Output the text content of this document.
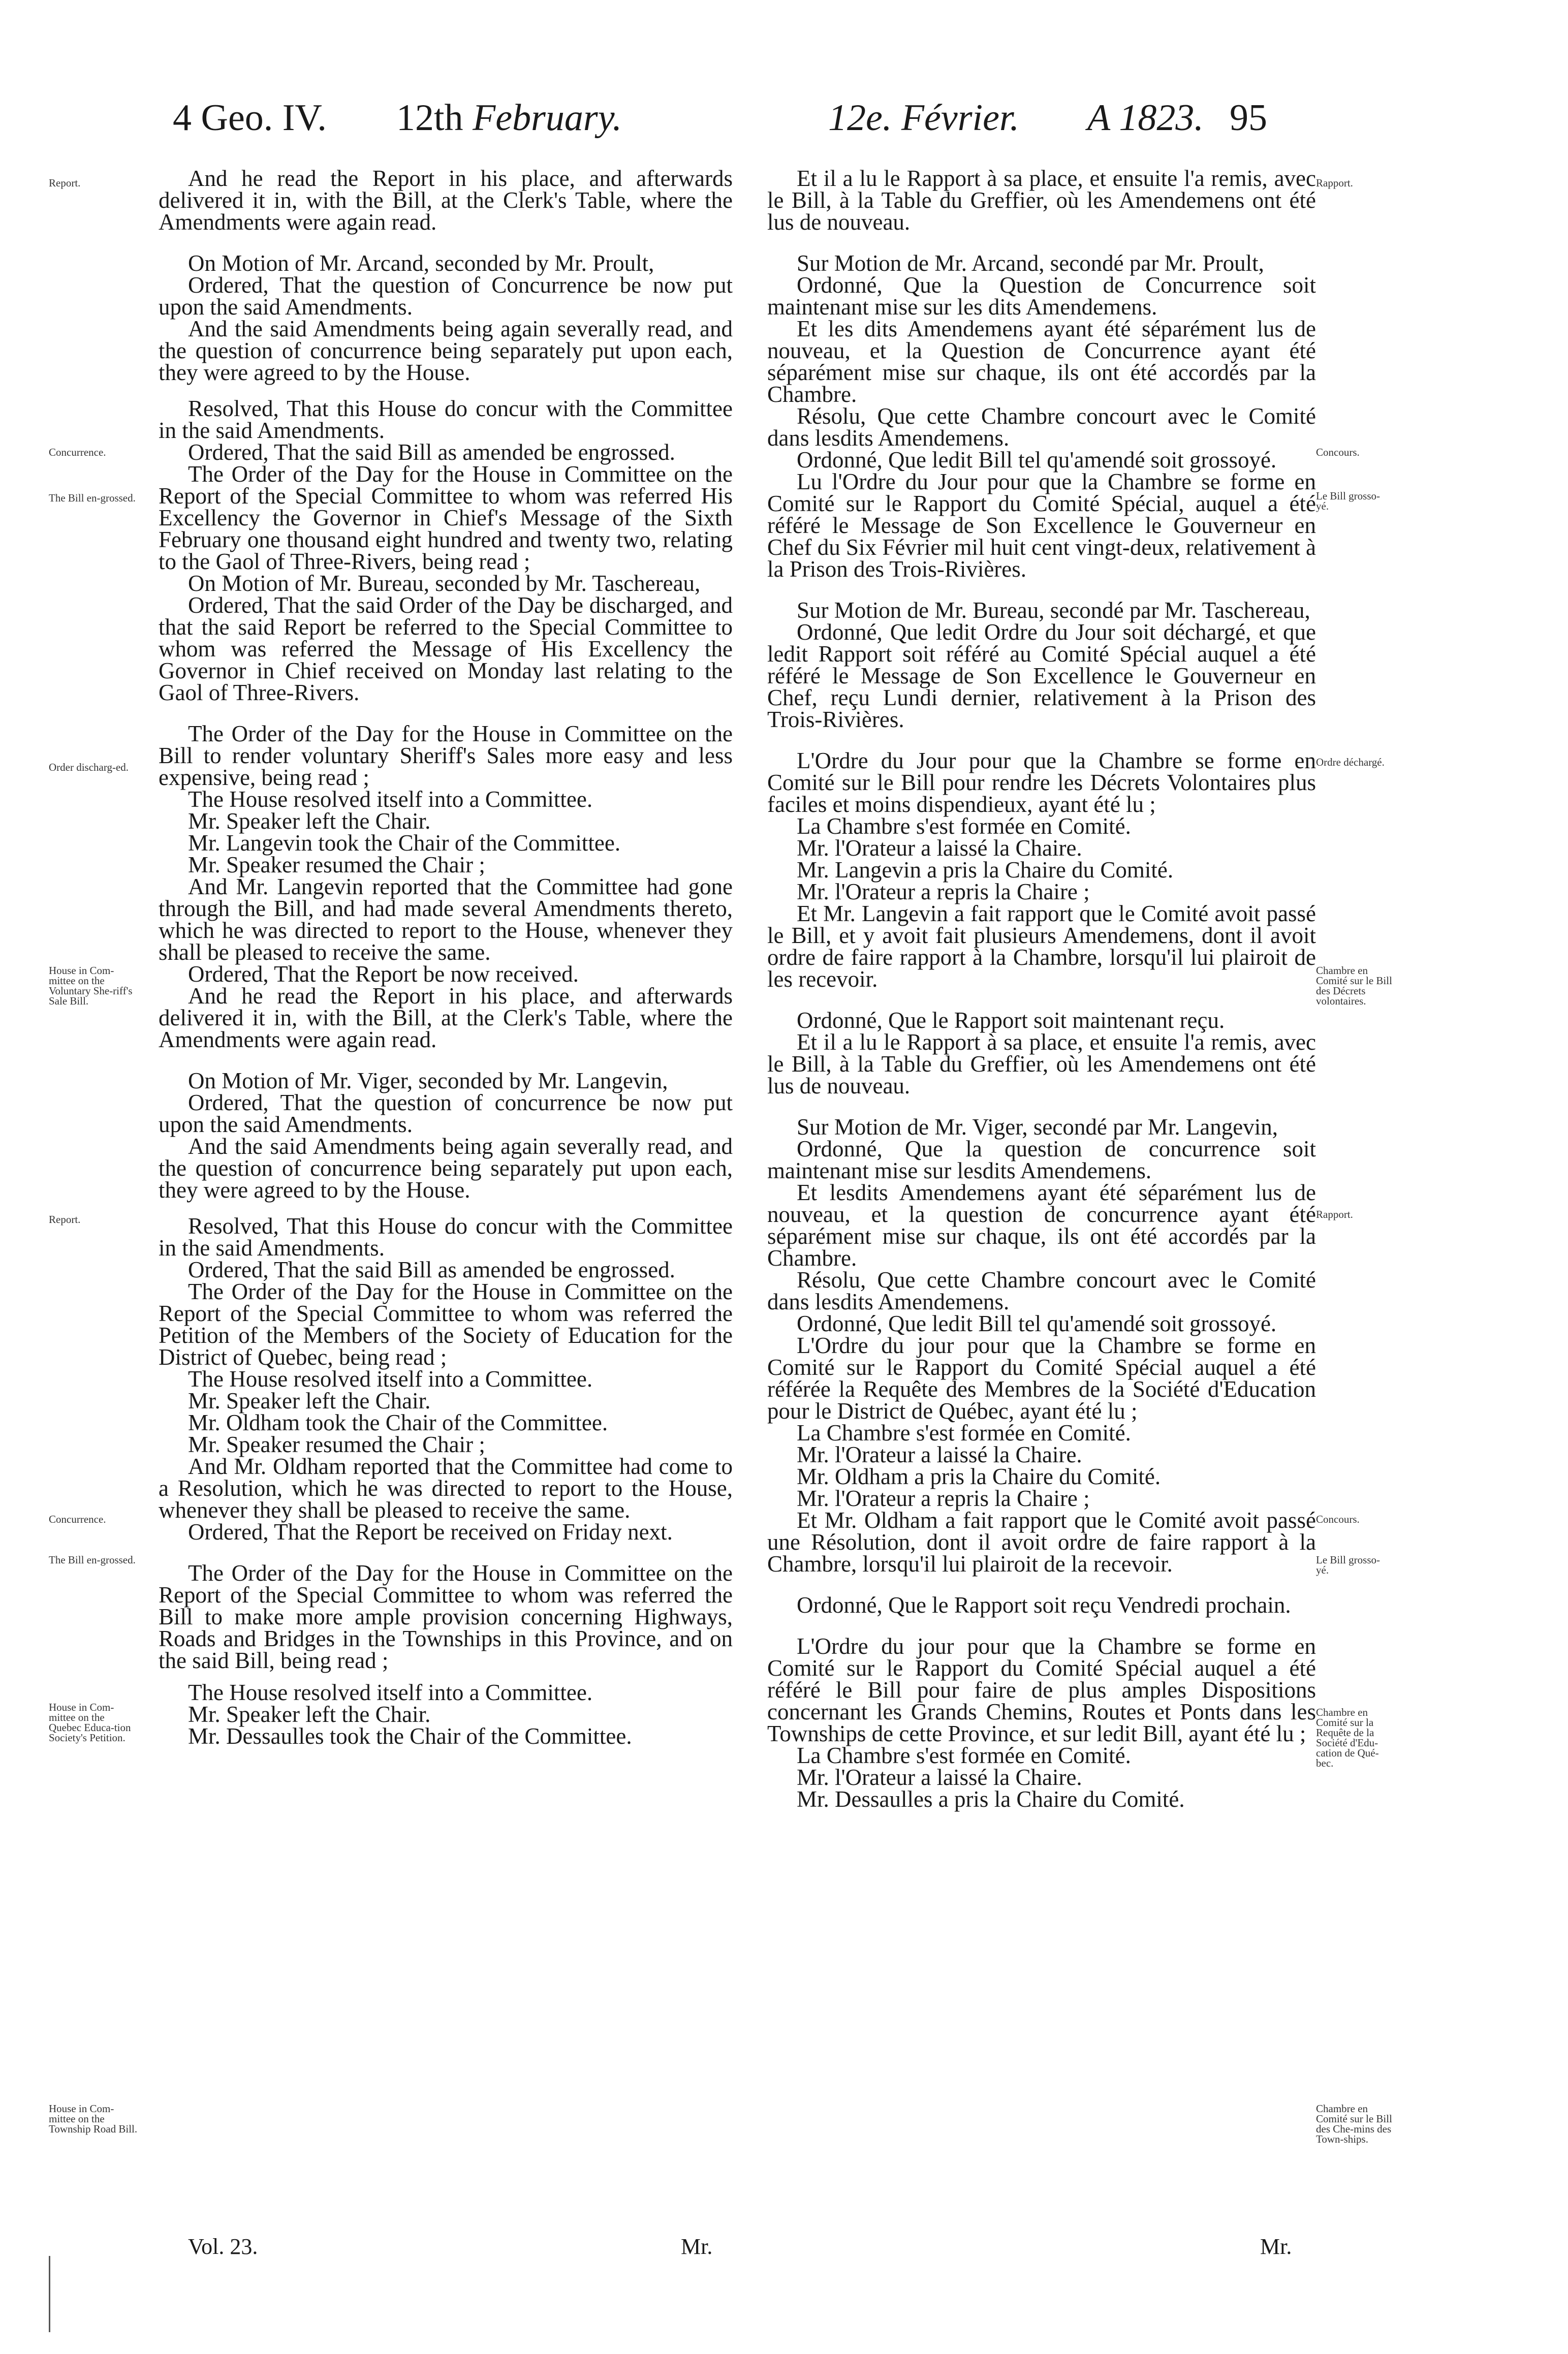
4 Geo. IV. 12th February.	12e. Février. A 1823. 95
Report.
Concurrence.
The Bill en-grossed.
Order discharg-ed.
House in Com-mittee on the Voluntary She-riff's Sale Bill.
Report.
Concurrence.
The Bill en-grossed.
House in Com-mittee on the Quebec Educa-tion Society's Petition.
House in Com-mittee on the Township Road Bill.
Rapport.
Concours.
Le Bill grosso-yé.
Ordre déchargé.
Chambre en Comité sur le Bill des Décrets volontaires.
Rapport.
Concours.
Le Bill grosso-yé.
Chambre en Comité sur la Requête de la Société d'Edu-cation de Qué-bec.
Chambre en Comité sur le Bill des Che-mins des Town-ships.

And he read the Report in his place, and afterwards delivered it in, with the Bill, at the Clerk's Table, where the Amendments were again read.

On Motion of Mr. Arcand, seconded by Mr. Proult,

Ordered, That the question of Concurrence be now put upon the said Amendments.

And the said Amendments being again severally read, and the question of concurrence being separately put upon each, they were agreed to by the House.

Resolved, That this House do concur with the Committee in the said Amendments.

Ordered, That the said Bill as amended be engrossed.

The Order of the Day for the House in Committee on the Report of the Special Committee to whom was referred His Excellency the Governor in Chief's Message of the Sixth February one thousand eight hundred and twenty two, relating to the Gaol of Three-Rivers, being read ;

On Motion of Mr. Bureau, seconded by Mr. Taschereau,

Ordered, That the said Order of the Day be discharged, and that the said Report be referred to the Special Committee to whom was referred the Message of His Excellency the Governor in Chief received on Monday last relating to the Gaol of Three-Rivers.

The Order of the Day for the House in Committee on the Bill to render voluntary Sheriff's Sales more easy and less expensive, being read ;

The House resolved itself into a Committee.

Mr. Speaker left the Chair.

Mr. Langevin took the Chair of the Committee.

Mr. Speaker resumed the Chair ;

And Mr. Langevin reported that the Committee had gone through the Bill, and had made several Amendments thereto, which he was directed to report to the House, whenever they shall be pleased to receive the same.

Ordered, That the Report be now received.

And he read the Report in his place, and afterwards delivered it in, with the Bill, at the Clerk's Table, where the Amendments were again read.

On Motion of Mr. Viger, seconded by Mr. Langevin,

Ordered, That the question of concurrence be now put upon the said Amendments.

And the said Amendments being again severally read, and the question of concurrence being separately put upon each, they were agreed to by the House.

Resolved, That this House do concur with the Committee in the said Amendments.

Ordered, That the said Bill as amended be engrossed.

The Order of the Day for the House in Committee on the Report of the Special Committee to whom was referred the Petition of the Members of the Society of Education for the District of Quebec, being read ;

The House resolved itself into a Committee.

Mr. Speaker left the Chair.

Mr. Oldham took the Chair of the Committee.

Mr. Speaker resumed the Chair ;

And Mr. Oldham reported that the Committee had come to a Resolution, which he was directed to report to the House, whenever they shall be pleased to receive the same.

Ordered, That the Report be received on Friday next.

The Order of the Day for the House in Committee on the Report of the Special Committee to whom was referred the Bill to make more ample provision concerning Highways, Roads and Bridges in the Townships in this Province, and on the said Bill, being read ;

The House resolved itself into a Committee.

Mr. Speaker left the Chair.

Mr. Dessaulles took the Chair of the Committee.

Et il a lu le Rapport à sa place, et ensuite l'a remis, avec le Bill, à la Table du Greffier, où les Amendemens ont été lus de nouveau.

Sur Motion de Mr. Arcand, secondé par Mr. Proult,

Ordonné, Que la Question de Concurrence soit maintenant mise sur les dits Amendemens.

Et les dits Amendemens ayant été séparément lus de nouveau, et la Question de Concurrence ayant été séparément mise sur chaque, ils ont été accordés par la Chambre.

Résolu, Que cette Chambre concourt avec le Comité dans lesdits Amendemens.

Ordonné, Que ledit Bill tel qu'amendé soit grossoyé.

Lu l'Ordre du Jour pour que la Chambre se forme en Comité sur le Rapport du Comité Spécial, auquel a été référé le Message de Son Excellence le Gouverneur en Chef du Six Février mil huit cent vingt-deux, relativement à la Prison des Trois-Rivières.

Sur Motion de Mr. Bureau, secondé par Mr. Taschereau,

Ordonné, Que ledit Ordre du Jour soit déchargé, et que ledit Rapport soit référé au Comité Spécial auquel a été référé le Message de Son Excellence le Gouverneur en Chef, reçu Lundi dernier, relativement à la Prison des Trois-Rivières.

L'Ordre du Jour pour que la Chambre se forme en Comité sur le Bill pour rendre les Décrets Volontaires plus faciles et moins dispendieux, ayant été lu ;

La Chambre s'est formée en Comité.

Mr. l'Orateur a laissé la Chaire.

Mr. Langevin a pris la Chaire du Comité.

Mr. l'Orateur a repris la Chaire ;

Et Mr. Langevin a fait rapport que le Comité avoit passé le Bill, et y avoit fait plusieurs Amendemens, dont il avoit ordre de faire rapport à la Chambre, lorsqu'il lui plairoit de les recevoir.

Ordonné, Que le Rapport soit maintenant reçu.

Et il a lu le Rapport à sa place, et ensuite l'a remis, avec le Bill, à la Table du Greffier, où les Amendemens ont été lus de nouveau.

Sur Motion de Mr. Viger, secondé par Mr. Langevin,

Ordonné, Que la question de concurrence soit maintenant mise sur lesdits Amendemens.

Et lesdits Amendemens ayant été séparément lus de nouveau, et la question de concurrence ayant été séparément mise sur chaque, ils ont été accordés par la Chambre.

Résolu, Que cette Chambre concourt avec le Comité dans lesdits Amendemens.

Ordonné, Que ledit Bill tel qu'amendé soit grossoyé.

L'Ordre du jour pour que la Chambre se forme en Comité sur le Rapport du Comité Spécial auquel a été référée la Requête des Membres de la Société d'Education pour le District de Québec, ayant été lu ;

La Chambre s'est formée en Comité.

Mr. l'Orateur a laissé la Chaire.

Mr. Oldham a pris la Chaire du Comité.

Mr. l'Orateur a repris la Chaire ;

Et Mr. Oldham a fait rapport que le Comité avoit passé une Résolution, dont il avoit ordre de faire rapport à la Chambre, lorsqu'il lui plairoit de la recevoir.

Ordonné, Que le Rapport soit reçu Vendredi prochain.

L'Ordre du jour pour que la Chambre se forme en Comité sur le Rapport du Comité Spécial auquel a été référé le Bill pour faire de plus amples Dispositions concernant les Grands Chemins, Routes et Ponts dans les Townships de cette Province, et sur ledit Bill, ayant été lu ;

La Chambre s'est formée en Comité.

Mr. l'Orateur a laissé la Chaire.

Mr. Dessaulles a pris la Chaire du Comité.

Vol. 23.	Mr.	Mr.
